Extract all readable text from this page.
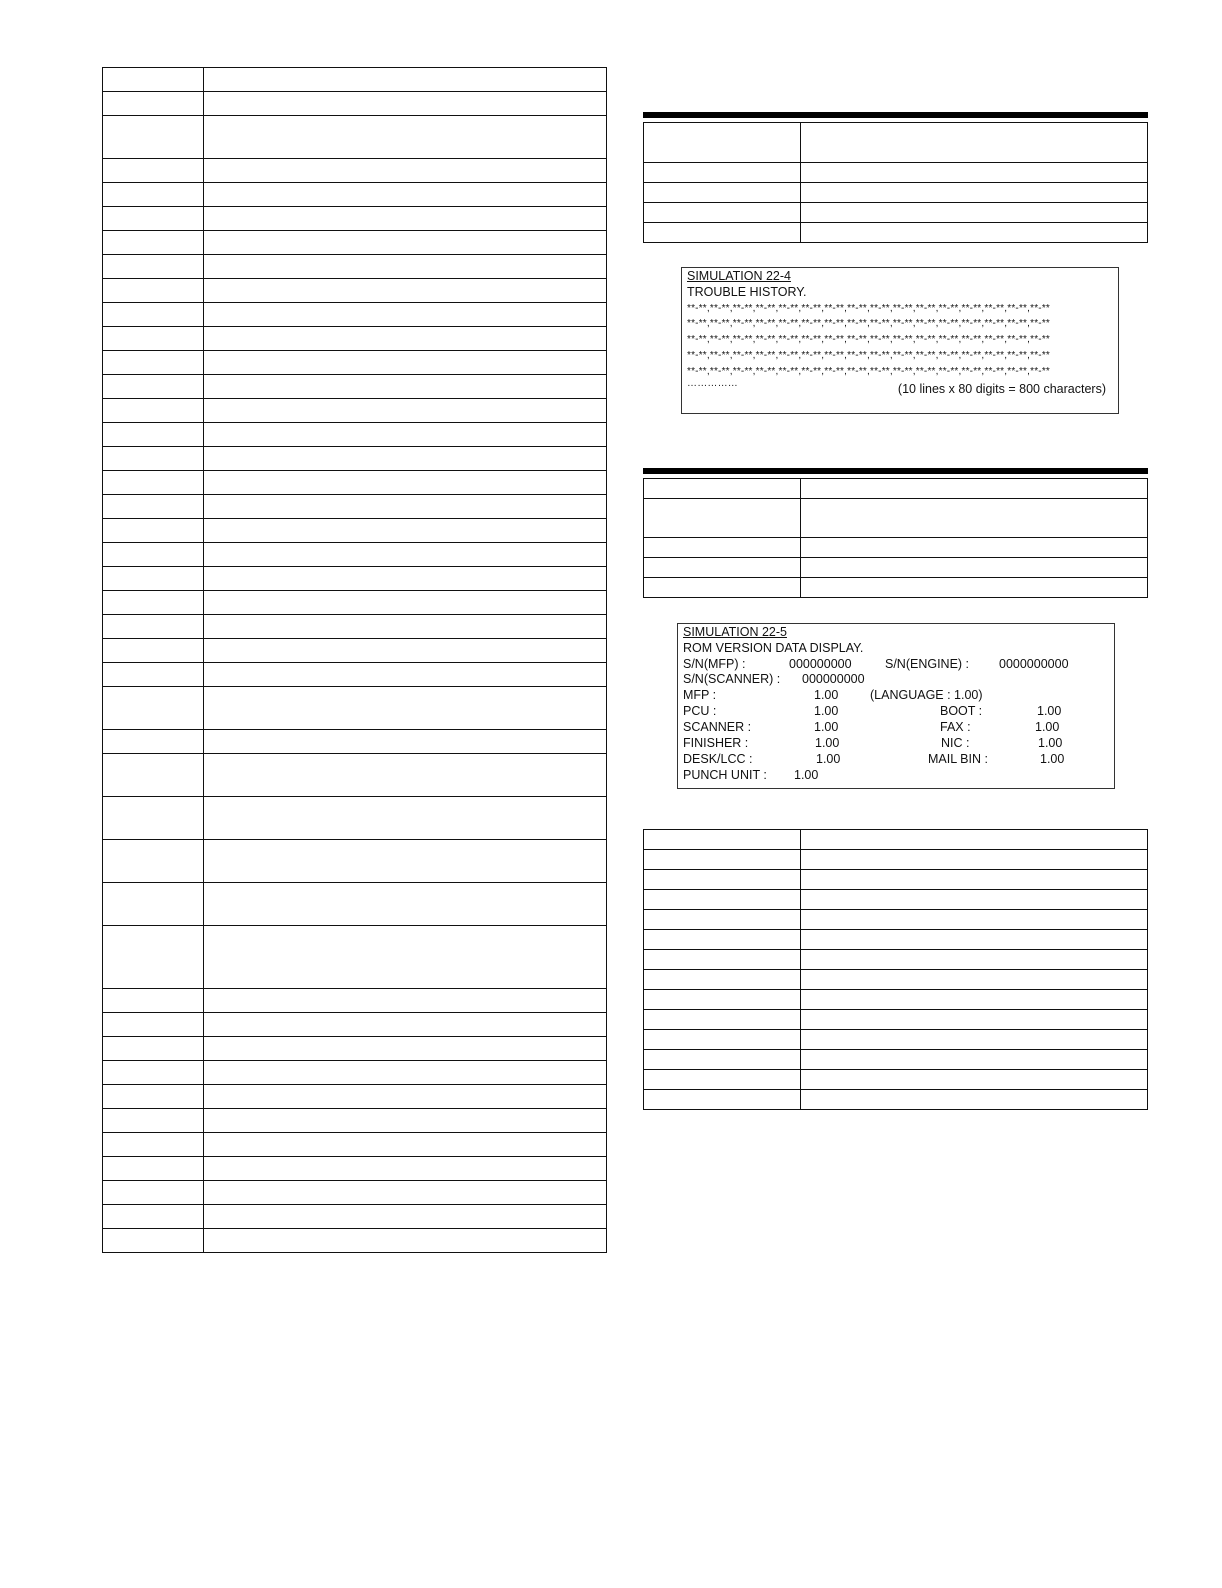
SIMULATION 22-4
TROUBLE HISTORY.
**-**,**-**,**-**,**-**,**-**,**-**,**-**,**-**,**-**,**-**,**-**,**-**,**-**,**-**,**-**,**-**
**-**,**-**,**-**,**-**,**-**,**-**,**-**,**-**,**-**,**-**,**-**,**-**,**-**,**-**,**-**,**-**
**-**,**-**,**-**,**-**,**-**,**-**,**-**,**-**,**-**,**-**,**-**,**-**,**-**,**-**,**-**,**-**
**-**,**-**,**-**,**-**,**-**,**-**,**-**,**-**,**-**,**-**,**-**,**-**,**-**,**-**,**-**,**-**
**-**,**-**,**-**,**-**,**-**,**-**,**-**,**-**,**-**,**-**,**-**,**-**,**-**,**-**,**-**,**-**
……………	(10 lines x 80 digits = 800 characters)

SIMULATION 22-5
ROM VERSION DATA DISPLAY.
S/N(MFP) :	000000000	S/N(ENGINE) : 0000000000
S/N(SCANNER) : 000000000
MFP :	1.00	(LANGUAGE : 1.00)
PCU :	1.00	BOOT :	1.00
SCANNER :	1.00	FAX :	1.00
FINISHER :	1.00	NIC :	1.00
DESK/LCC :	1.00	MAIL BIN :	1.00
PUNCH UNIT : 1.00
